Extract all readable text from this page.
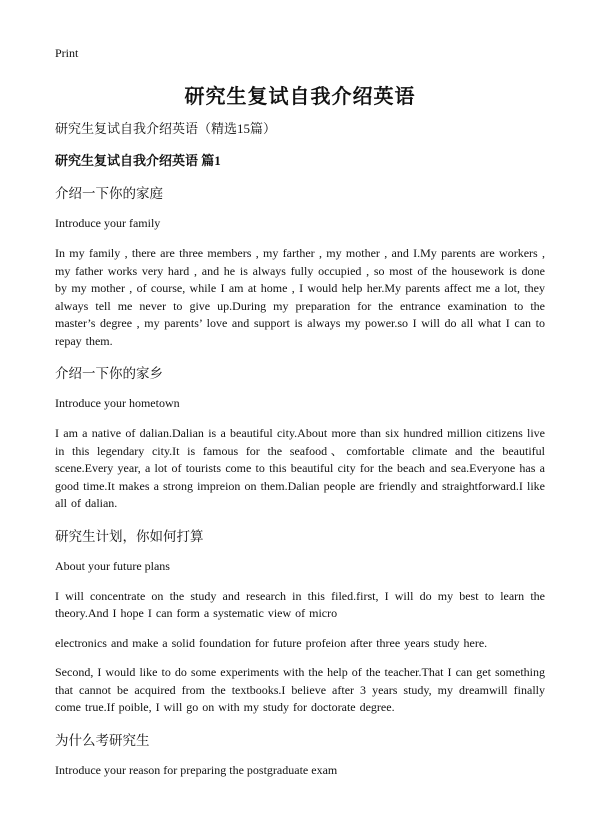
Print
研究生复试自我介绍英语
研究生复试自我介绍英语（精选15篇）
研究生复试自我介绍英语 篇1
介绍一下你的家庭
Introduce your family

In my family , there are three members , my farther , my mother , and I.My parents are workers , my father works very hard , and he is always fully occupied , so most of the housework is done by my mother , of course, while I am at home , I would help her.My parents affect me a lot, they always tell me never to give up.During my preparation for the entrance examination to the master’s degree , my parents’ love and support is always my power.so I will do all what I can to repay them.

介绍一下你的家乡
Introduce your hometown

I am a native of dalian.Dalian is a beautiful city.About more than six hundred million citizens live in this legendary city.It is famous for the seafood、comfortable climate and the beautiful scene.Every year, a lot of tourists come to this beautiful city for the beach and sea.Everyone has a good time.It makes a strong impreion on them.Dalian people are friendly and straightforward.I like all of dalian.

研究生计划，你如何打算
About your future plans

I will concentrate on the study and research in this filed.first, I will do my best to learn the theory.And I hope I can form a systematic view of micro

electronics and make a solid foundation for future profeion after three years study here.

Second, I would like to do some experiments with the help of the teacher.That I can get something that cannot be acquired from the textbooks.I believe after 3 years study, my dreamwill finally come true.If poible, I will go on with my study for doctorate degree.

为什么考研究生
Introduce your reason for preparing the postgraduate exam
